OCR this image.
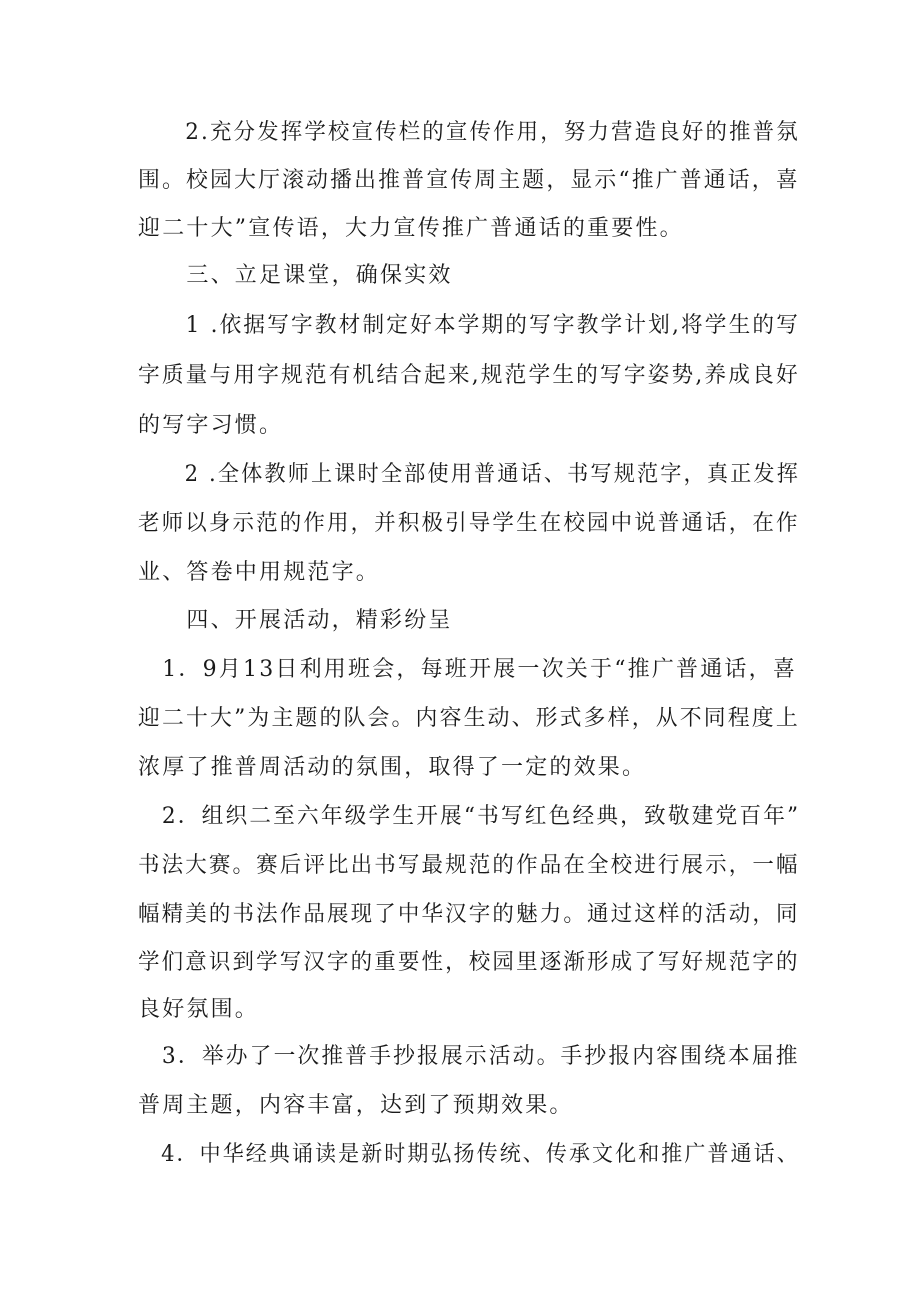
　　2.充分发挥学校宣传栏的宣传作用，努力营造良好的推普氛
围。校园大厅滚动播出推普宣传周主题，显示“推广普通话，喜
迎二十大”宣传语，大力宣传推广普通话的重要性。
　　三、立足课堂，确保实效
　　1 .依据写字教材制定好本学期的写字教学计划,将学生的写
字质量与用字规范有机结合起来,规范学生的写字姿势,养成良好
的写字习惯。
　　2 .全体教师上课时全部使用普通话、书写规范字，真正发挥
老师以身示范的作用，并积极引导学生在校园中说普通话，在作
业、答卷中用规范字。
　　四、开展活动，精彩纷呈
　1．9月13日利用班会，每班开展一次关于“推广普通话，喜
迎二十大”为主题的队会。内容生动、形式多样，从不同程度上
浓厚了推普周活动的氛围，取得了一定的效果。
　2．组织二至六年级学生开展“书写红色经典，致敬建党百年”
书法大赛。赛后评比出书写最规范的作品在全校进行展示，一幅
幅精美的书法作品展现了中华汉字的魅力。通过这样的活动，同
学们意识到学写汉字的重要性，校园里逐渐形成了写好规范字的
良好氛围。
　3．举办了一次推普手抄报展示活动。手抄报内容围绕本届推
普周主题，内容丰富，达到了预期效果。
　4．中华经典诵读是新时期弘扬传统、传承文化和推广普通话、
